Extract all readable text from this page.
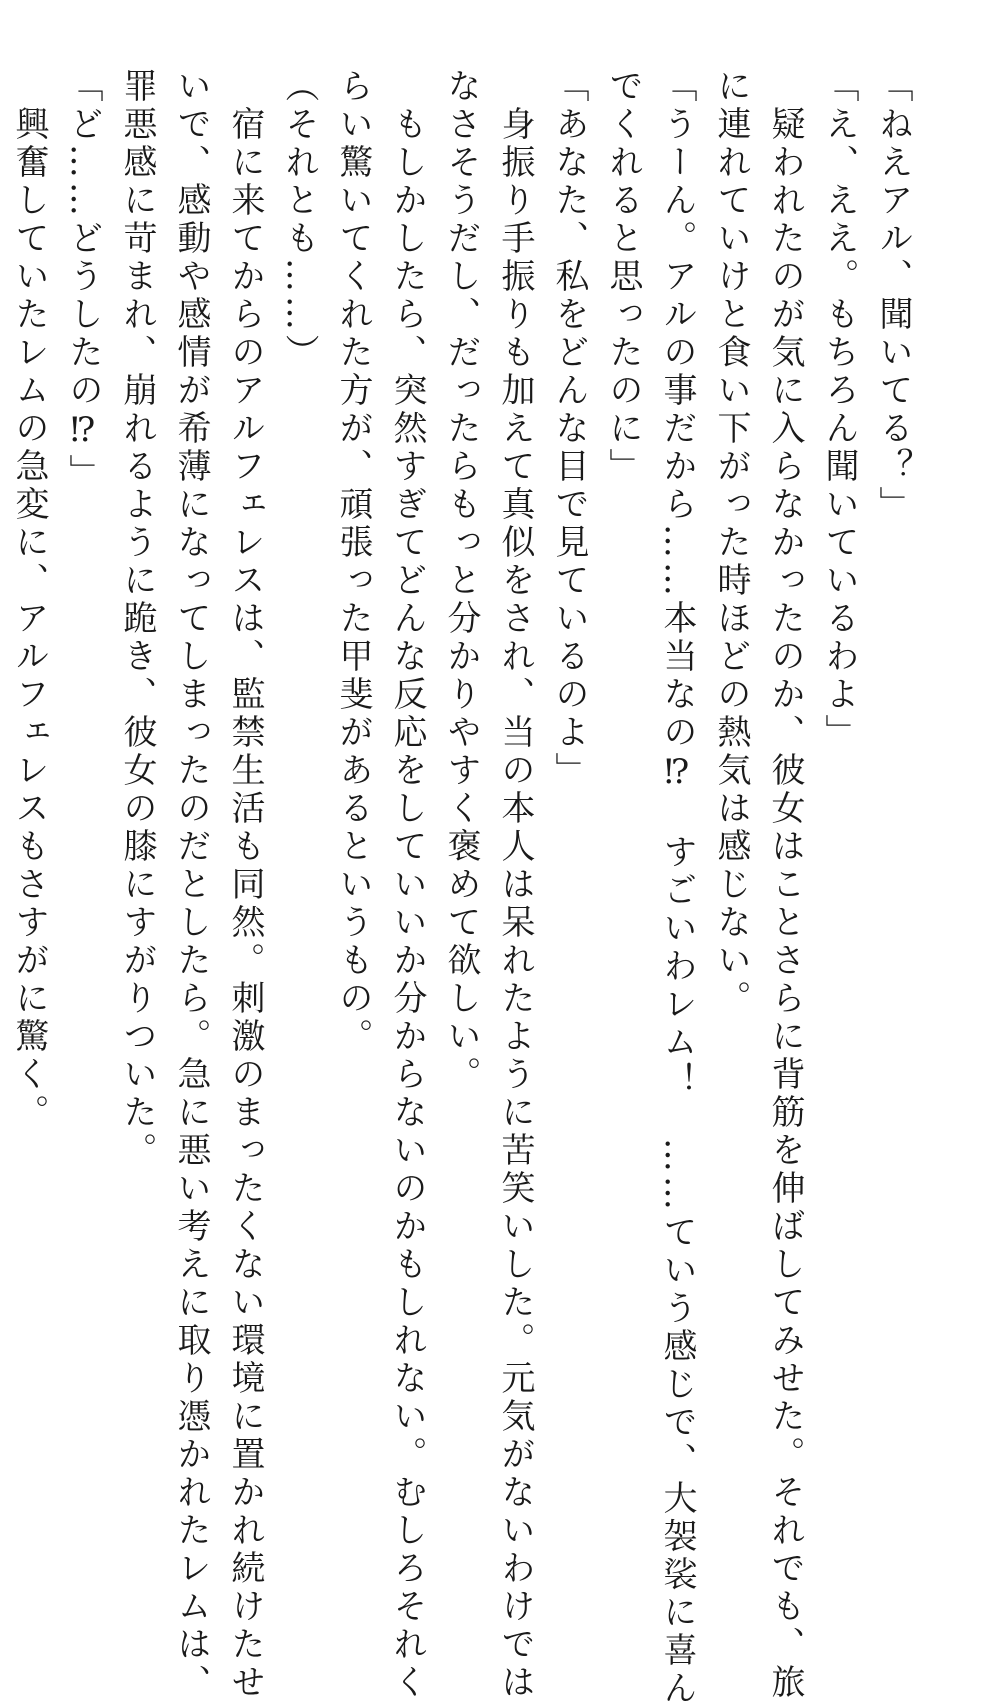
「ねえアル、聞いてる？」
「え、ええ。もちろん聞いているわよ」
　疑われたのが気に入らなかったのか、彼女はことさらに背筋を伸ばしてみせた。それでも、旅
に連れていけと食い下がった時ほどの熱気は感じない。
「うーん。アルの事だから……本当なの⁉　すごいわレム！　……ていう感じで、大袈裟に喜ん
でくれると思ったのに」
「あなた、私をどんな目で見ているのよ」
　身振り手振りも加えて真似をされ、当の本人は呆れたように苦笑いした。元気がないわけでは
なさそうだし、だったらもっと分かりやすく褒めて欲しい。
　もしかしたら、突然すぎてどんな反応をしていいか分からないのかもしれない。むしろそれく
らい驚いてくれた方が、頑張った甲斐があるというもの。
（それとも……）
　宿に来てからのアルフェレスは、監禁生活も同然。刺激のまったくない環境に置かれ続けたせ
いで、感動や感情が希薄になってしまったのだとしたら。急に悪い考えに取り憑かれたレムは、
罪悪感に苛まれ、崩れるように跪き、彼女の膝にすがりついた。
「ど……どうしたの⁉」
　興奮していたレムの急変に、アルフェレスもさすがに驚く。
